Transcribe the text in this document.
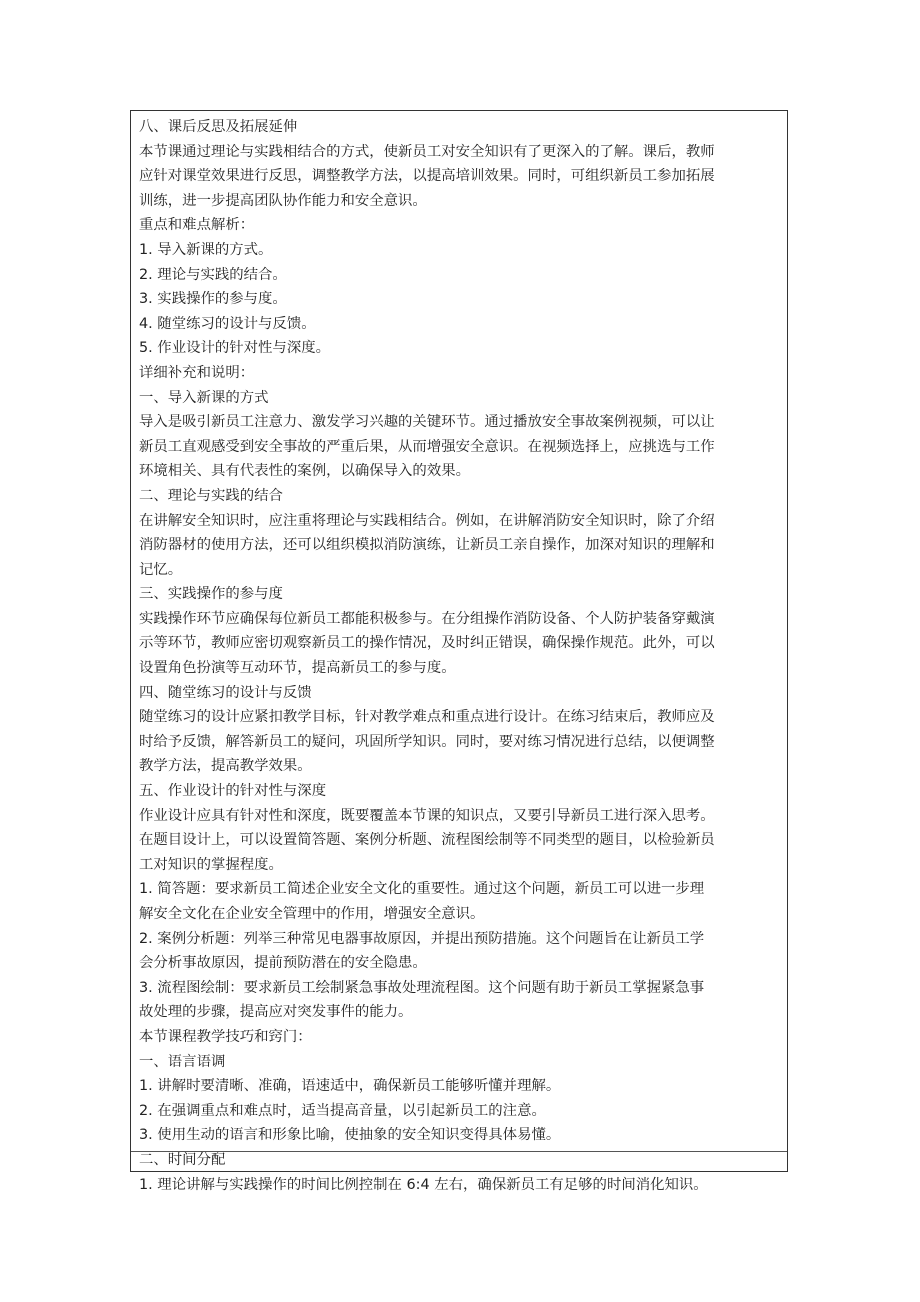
八、课后反思及拓展延伸
本节课通过理论与实践相结合的方式，使新员工对安全知识有了更深入的了解。课后，教师
应针对课堂效果进行反思，调整教学方法，以提高培训效果。同时，可组织新员工参加拓展
训练，进一步提高团队协作能力和安全意识。
重点和难点解析：
1. 导入新课的方式。
2. 理论与实践的结合。
3. 实践操作的参与度。
4. 随堂练习的设计与反馈。
5. 作业设计的针对性与深度。
详细补充和说明：
一、导入新课的方式
导入是吸引新员工注意力、激发学习兴趣的关键环节。通过播放安全事故案例视频，可以让
新员工直观感受到安全事故的严重后果，从而增强安全意识。在视频选择上，应挑选与工作
环境相关、具有代表性的案例，以确保导入的效果。
二、理论与实践的结合
在讲解安全知识时，应注重将理论与实践相结合。例如，在讲解消防安全知识时，除了介绍
消防器材的使用方法，还可以组织模拟消防演练，让新员工亲自操作，加深对知识的理解和
记忆。
三、实践操作的参与度
实践操作环节应确保每位新员工都能积极参与。在分组操作消防设备、个人防护装备穿戴演
示等环节，教师应密切观察新员工的操作情况，及时纠正错误，确保操作规范。此外，可以
设置角色扮演等互动环节，提高新员工的参与度。
四、随堂练习的设计与反馈
随堂练习的设计应紧扣教学目标，针对教学难点和重点进行设计。在练习结束后，教师应及
时给予反馈，解答新员工的疑问，巩固所学知识。同时，要对练习情况进行总结，以便调整
教学方法，提高教学效果。
五、作业设计的针对性与深度
作业设计应具有针对性和深度，既要覆盖本节课的知识点，又要引导新员工进行深入思考。
在题目设计上，可以设置简答题、案例分析题、流程图绘制等不同类型的题目，以检验新员
工对知识的掌握程度。
1. 简答题：要求新员工简述企业安全文化的重要性。通过这个问题，新员工可以进一步理
解安全文化在企业安全管理中的作用，增强安全意识。
2. 案例分析题：列举三种常见电器事故原因，并提出预防措施。这个问题旨在让新员工学
会分析事故原因，提前预防潜在的安全隐患。
3. 流程图绘制：要求新员工绘制紧急事故处理流程图。这个问题有助于新员工掌握紧急事
故处理的步骤，提高应对突发事件的能力。
本节课程教学技巧和窍门：
一、语言语调
1. 讲解时要清晰、准确，语速适中，确保新员工能够听懂并理解。
2. 在强调重点和难点时，适当提高音量，以引起新员工的注意。
3. 使用生动的语言和形象比喻，使抽象的安全知识变得具体易懂。
二、时间分配
1. 理论讲解与实践操作的时间比例控制在 6:4 左右，确保新员工有足够的时间消化知识。
